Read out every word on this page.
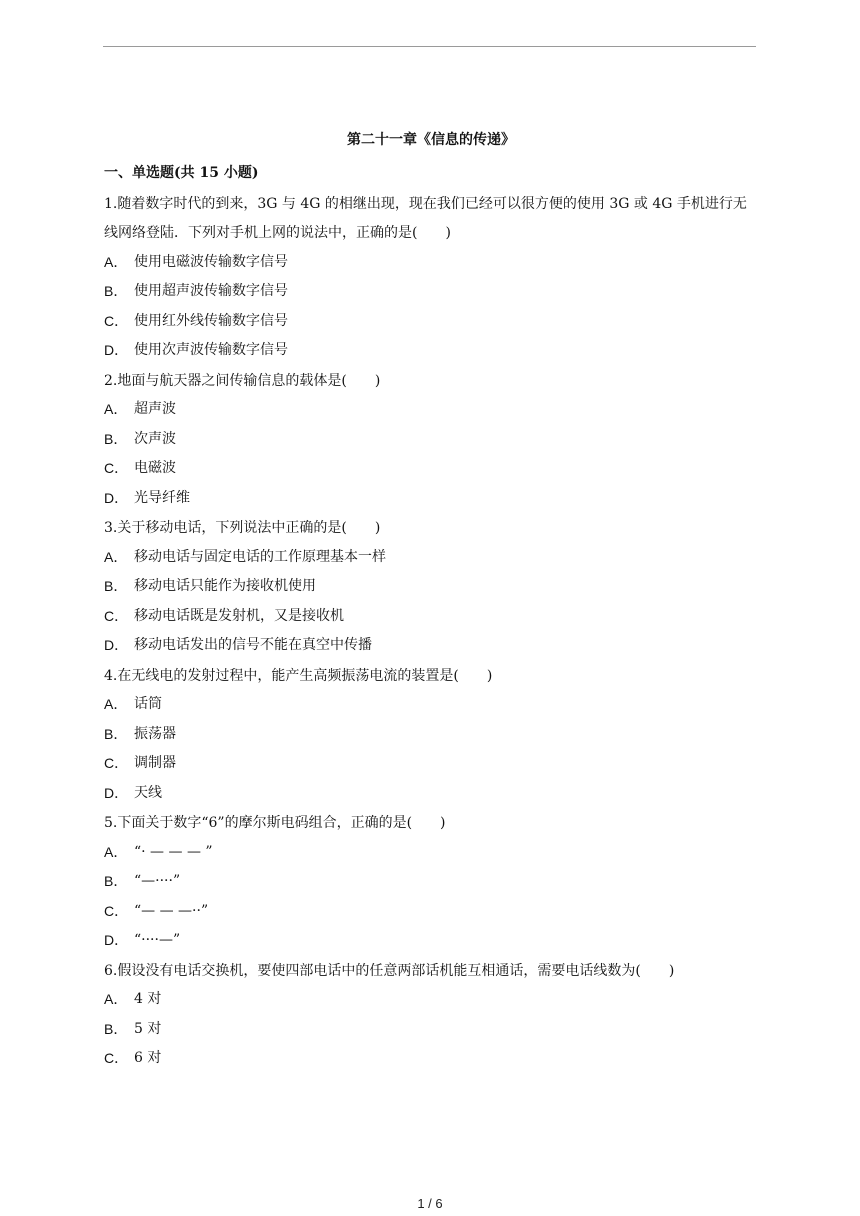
第二十一章《信息的传递》
一、单选题(共 15 小题)
1.随着数字时代的到来，3G 与 4G 的相继出现，现在我们已经可以很方便的使用 3G 或 4G 手机进行无线网络登陆．下列对手机上网的说法中，正确的是(　　)
A． 使用电磁波传输数字信号
B． 使用超声波传输数字信号
C． 使用红外线传输数字信号
D． 使用次声波传输数字信号
2.地面与航天器之间传输信息的载体是(　　)
A． 超声波
B． 次声波
C． 电磁波
D． 光导纤维
3.关于移动电话，下列说法中正确的是(　　)
A． 移动电话与固定电话的工作原理基本一样
B． 移动电话只能作为接收机使用
C． 移动电话既是发射机，又是接收机
D． 移动电话发出的信号不能在真空中传播
4.在无线电的发射过程中，能产生高频振荡电流的装置是(　　)
A． 话筒
B． 振荡器
C． 调制器
D． 天线
5.下面关于数字“6”的摩尔斯电码组合，正确的是(　　)
A． “· — — — ”
B． “—····”
C． “— — —··”
D． “····—”
6.假设没有电话交换机，要使四部电话中的任意两部话机能互相通话，需要电话线数为(　　)
A． 4 对
B． 5 对
C． 6 对
1 / 6
